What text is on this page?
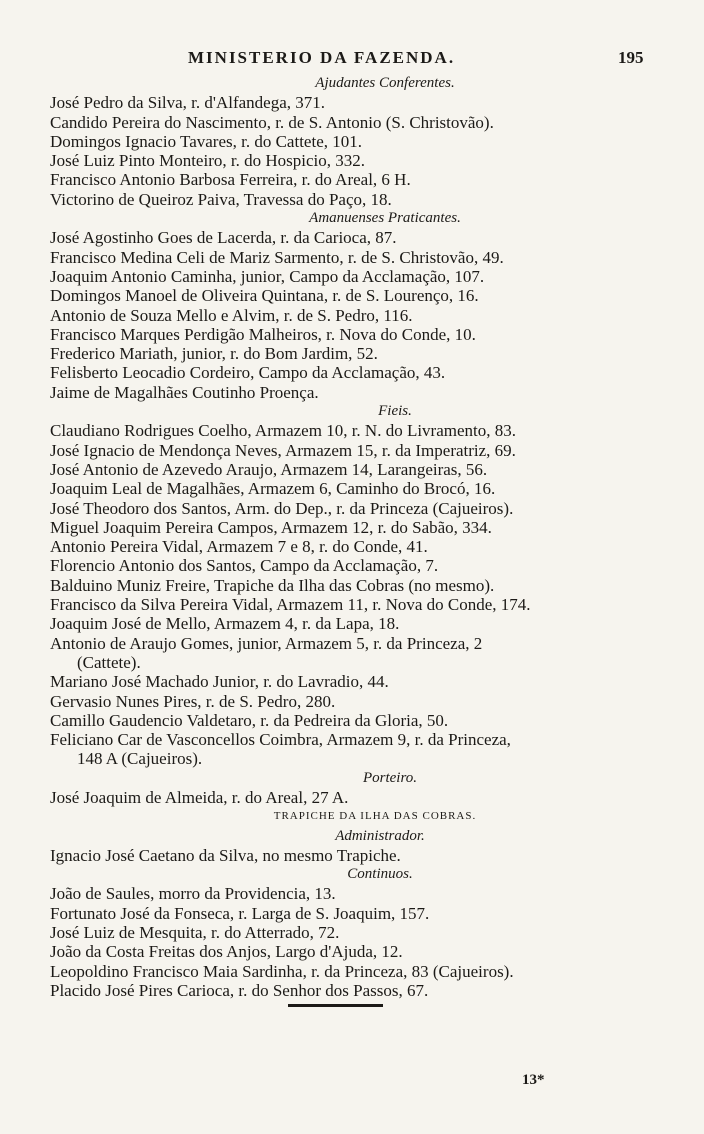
MINISTERIO DA FAZENDA.	195
Ajudantes Conferentes.
José Pedro da Silva, r. d'Alfandega, 371.
Candido Pereira do Nascimento, r. de S. Antonio (S. Christovão).
Domingos Ignacio Tavares, r. do Cattete, 101.
José Luiz Pinto Monteiro, r. do Hospicio, 332.
Francisco Antonio Barbosa Ferreira, r. do Areal, 6 H.
Victorino de Queiroz Paiva, Travessa do Paço, 18.
Amanuenses Praticantes.
José Agostinho Goes de Lacerda, r. da Carioca, 87.
Francisco Medina Celi de Mariz Sarmento, r. de S. Christovão, 49.
Joaquim Antonio Caminha, junior, Campo da Acclamação, 107.
Domingos Manoel de Oliveira Quintana, r. de S. Lourenço, 16.
Antonio de Souza Mello e Alvim, r. de S. Pedro, 116.
Francisco Marques Perdigão Malheiros, r. Nova do Conde, 10.
Frederico Mariath, junior, r. do Bom Jardim, 52.
Felisberto Leocadio Cordeiro, Campo da Acclamação, 43.
Jaime de Magalhães Coutinho Proença.
Fieis.
Claudiano Rodrigues Coelho, Armazem 10, r. N. do Livramento, 83.
José Ignacio de Mendonça Neves, Armazem 15, r. da Imperatriz, 69.
José Antonio de Azevedo Araujo, Armazem 14, Larangeiras, 56.
Joaquim Leal de Magalhães, Armazem 6, Caminho do Brocó, 16.
José Theodoro dos Santos, Arm. do Dep., r. da Princeza (Cajueiros).
Miguel Joaquim Pereira Campos, Armazem 12, r. do Sabão, 334.
Antonio Pereira Vidal, Armazem 7 e 8, r. do Conde, 41.
Florencio Antonio dos Santos, Campo da Acclamação, 7.
Balduino Muniz Freire, Trapiche da Ilha das Cobras (no mesmo).
Francisco da Silva Pereira Vidal, Armazem 11, r. Nova do Conde, 174.
Joaquim José de Mello, Armazem 4, r. da Lapa, 18.
Antonio de Araujo Gomes, junior, Armazem 5, r. da Princeza, 2
(Cattete).
Mariano José Machado Junior, r. do Lavradio, 44.
Gervasio Nunes Pires, r. de S. Pedro, 280.
Camillo Gaudencio Valdetaro, r. da Pedreira da Gloria, 50.
Feliciano Car de Vasconcellos Coimbra, Armazem 9, r. da Princeza,
148 A (Cajueiros).
Porteiro.
José Joaquim de Almeida, r. do Areal, 27 A.
TRAPICHE DA ILHA DAS COBRAS.
Administrador.
Ignacio José Caetano da Silva, no mesmo Trapiche.
Continuos.
João de Saules, morro da Providencia, 13.
Fortunato José da Fonseca, r. Larga de S. Joaquim, 157.
José Luiz de Mesquita, r. do Atterrado, 72.
João da Costa Freitas dos Anjos, Largo d'Ajuda, 12.
Leopoldino Francisco Maia Sardinha, r. da Princeza, 83 (Cajueiros).
Placido José Pires Carioca, r. do Senhor dos Passos, 67.
13*
